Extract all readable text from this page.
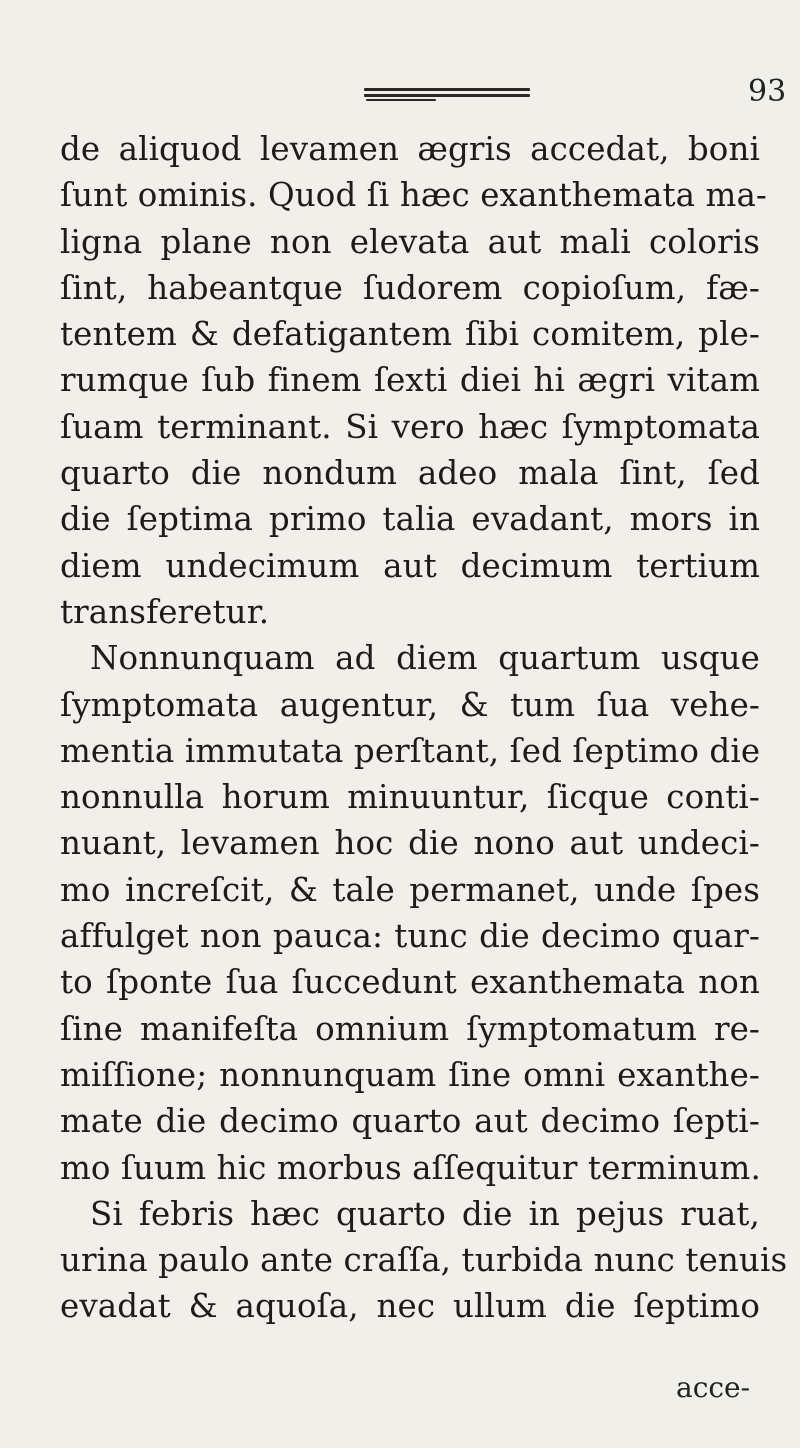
93
de aliquod levamen ægris accedat, boni
ſunt ominis. Quod ſi hæc exanthemata ma-
ligna plane non elevata aut mali coloris
ſint, habeantque ſudorem copioſum, fæ-
tentem & defatigantem ſibi comitem, ple-
rumque ſub finem ſexti diei hi ægri vitam
ſuam terminant. Si vero hæc ſymptomata
quarto die nondum adeo mala ſint, ſed
die ſeptima primo talia evadant, mors in
diem undecimum aut decimum tertium
transferetur.
Nonnunquam ad diem quartum usque
ſymptomata augentur, & tum ſua vehe-
mentia immutata perſtant, ſed ſeptimo die
nonnulla horum minuuntur, ſicque conti-
nuant, levamen hoc die nono aut undeci-
mo increſcit, & tale permanet, unde ſpes
affulget non pauca: tunc die decimo quar-
to ſponte ſua ſuccedunt exanthemata non
ſine manifeſta omnium ſymptomatum re-
miſſione; nonnunquam ſine omni exanthe-
mate die decimo quarto aut decimo ſepti-
mo ſuum hic morbus aſſequitur terminum.
Si febris hæc quarto die in pejus ruat,
urina paulo ante craſſa, turbida nunc tenuis
evadat & aquoſa, nec ullum die ſeptimo
acce-
